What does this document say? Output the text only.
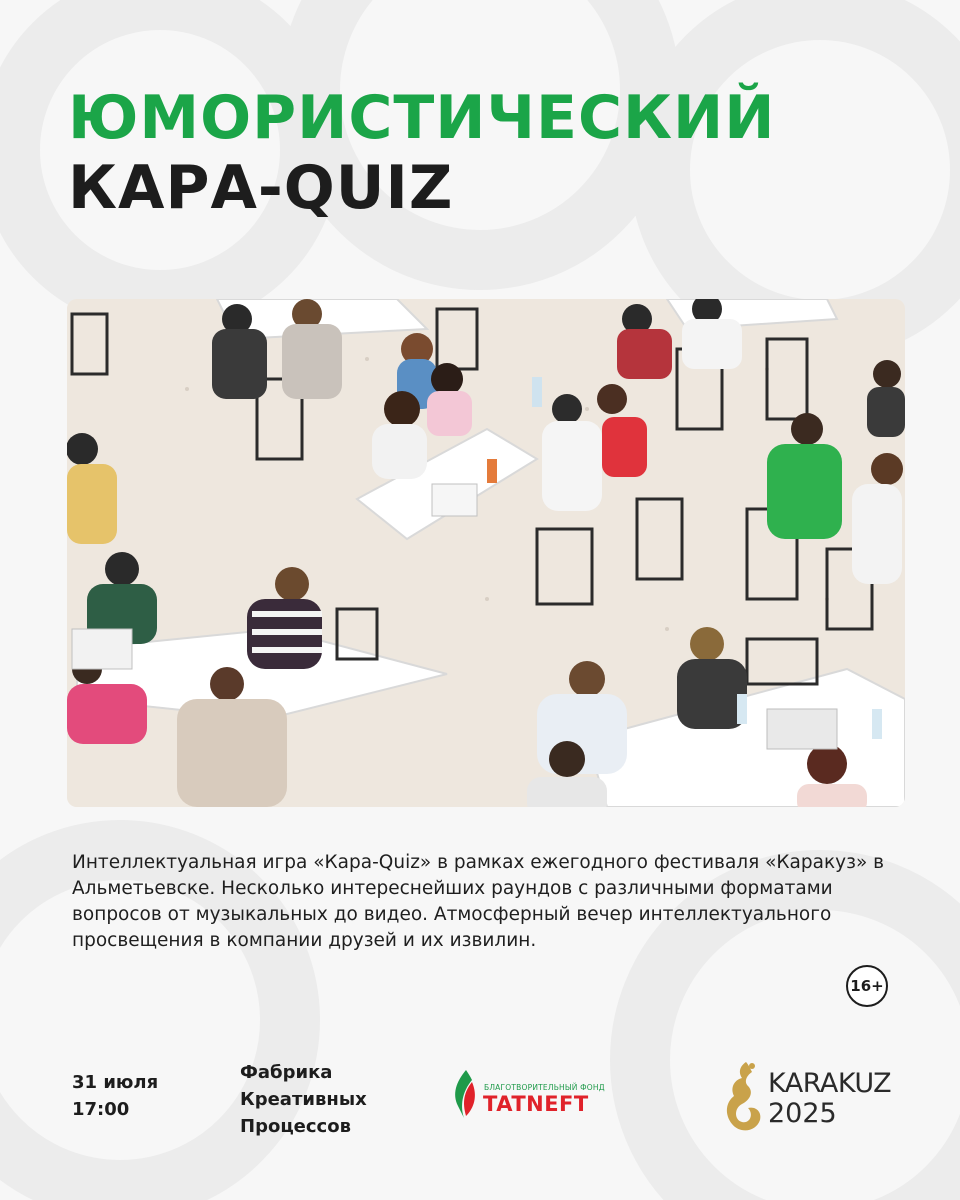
ЮМОРИСТИЧЕСКИЙ
КАРА-QUIZ

Интеллектуальная игра «Кара-Quiz» в рамках ежегодного фестиваля «Каракуз» в Альметьевске. Несколько интереснейших раундов с различными форматами вопросов от музыкальных до видео. Атмосферный вечер интеллектуального просвещения в компании друзей и их извилин.

16+
31 июля
17:00
Фабрика
Креативных
Процессов
БЛАГОТВОРИТЕЛЬНЫЙ ФОНД
TATNEFT
KARAKUZ
2025
